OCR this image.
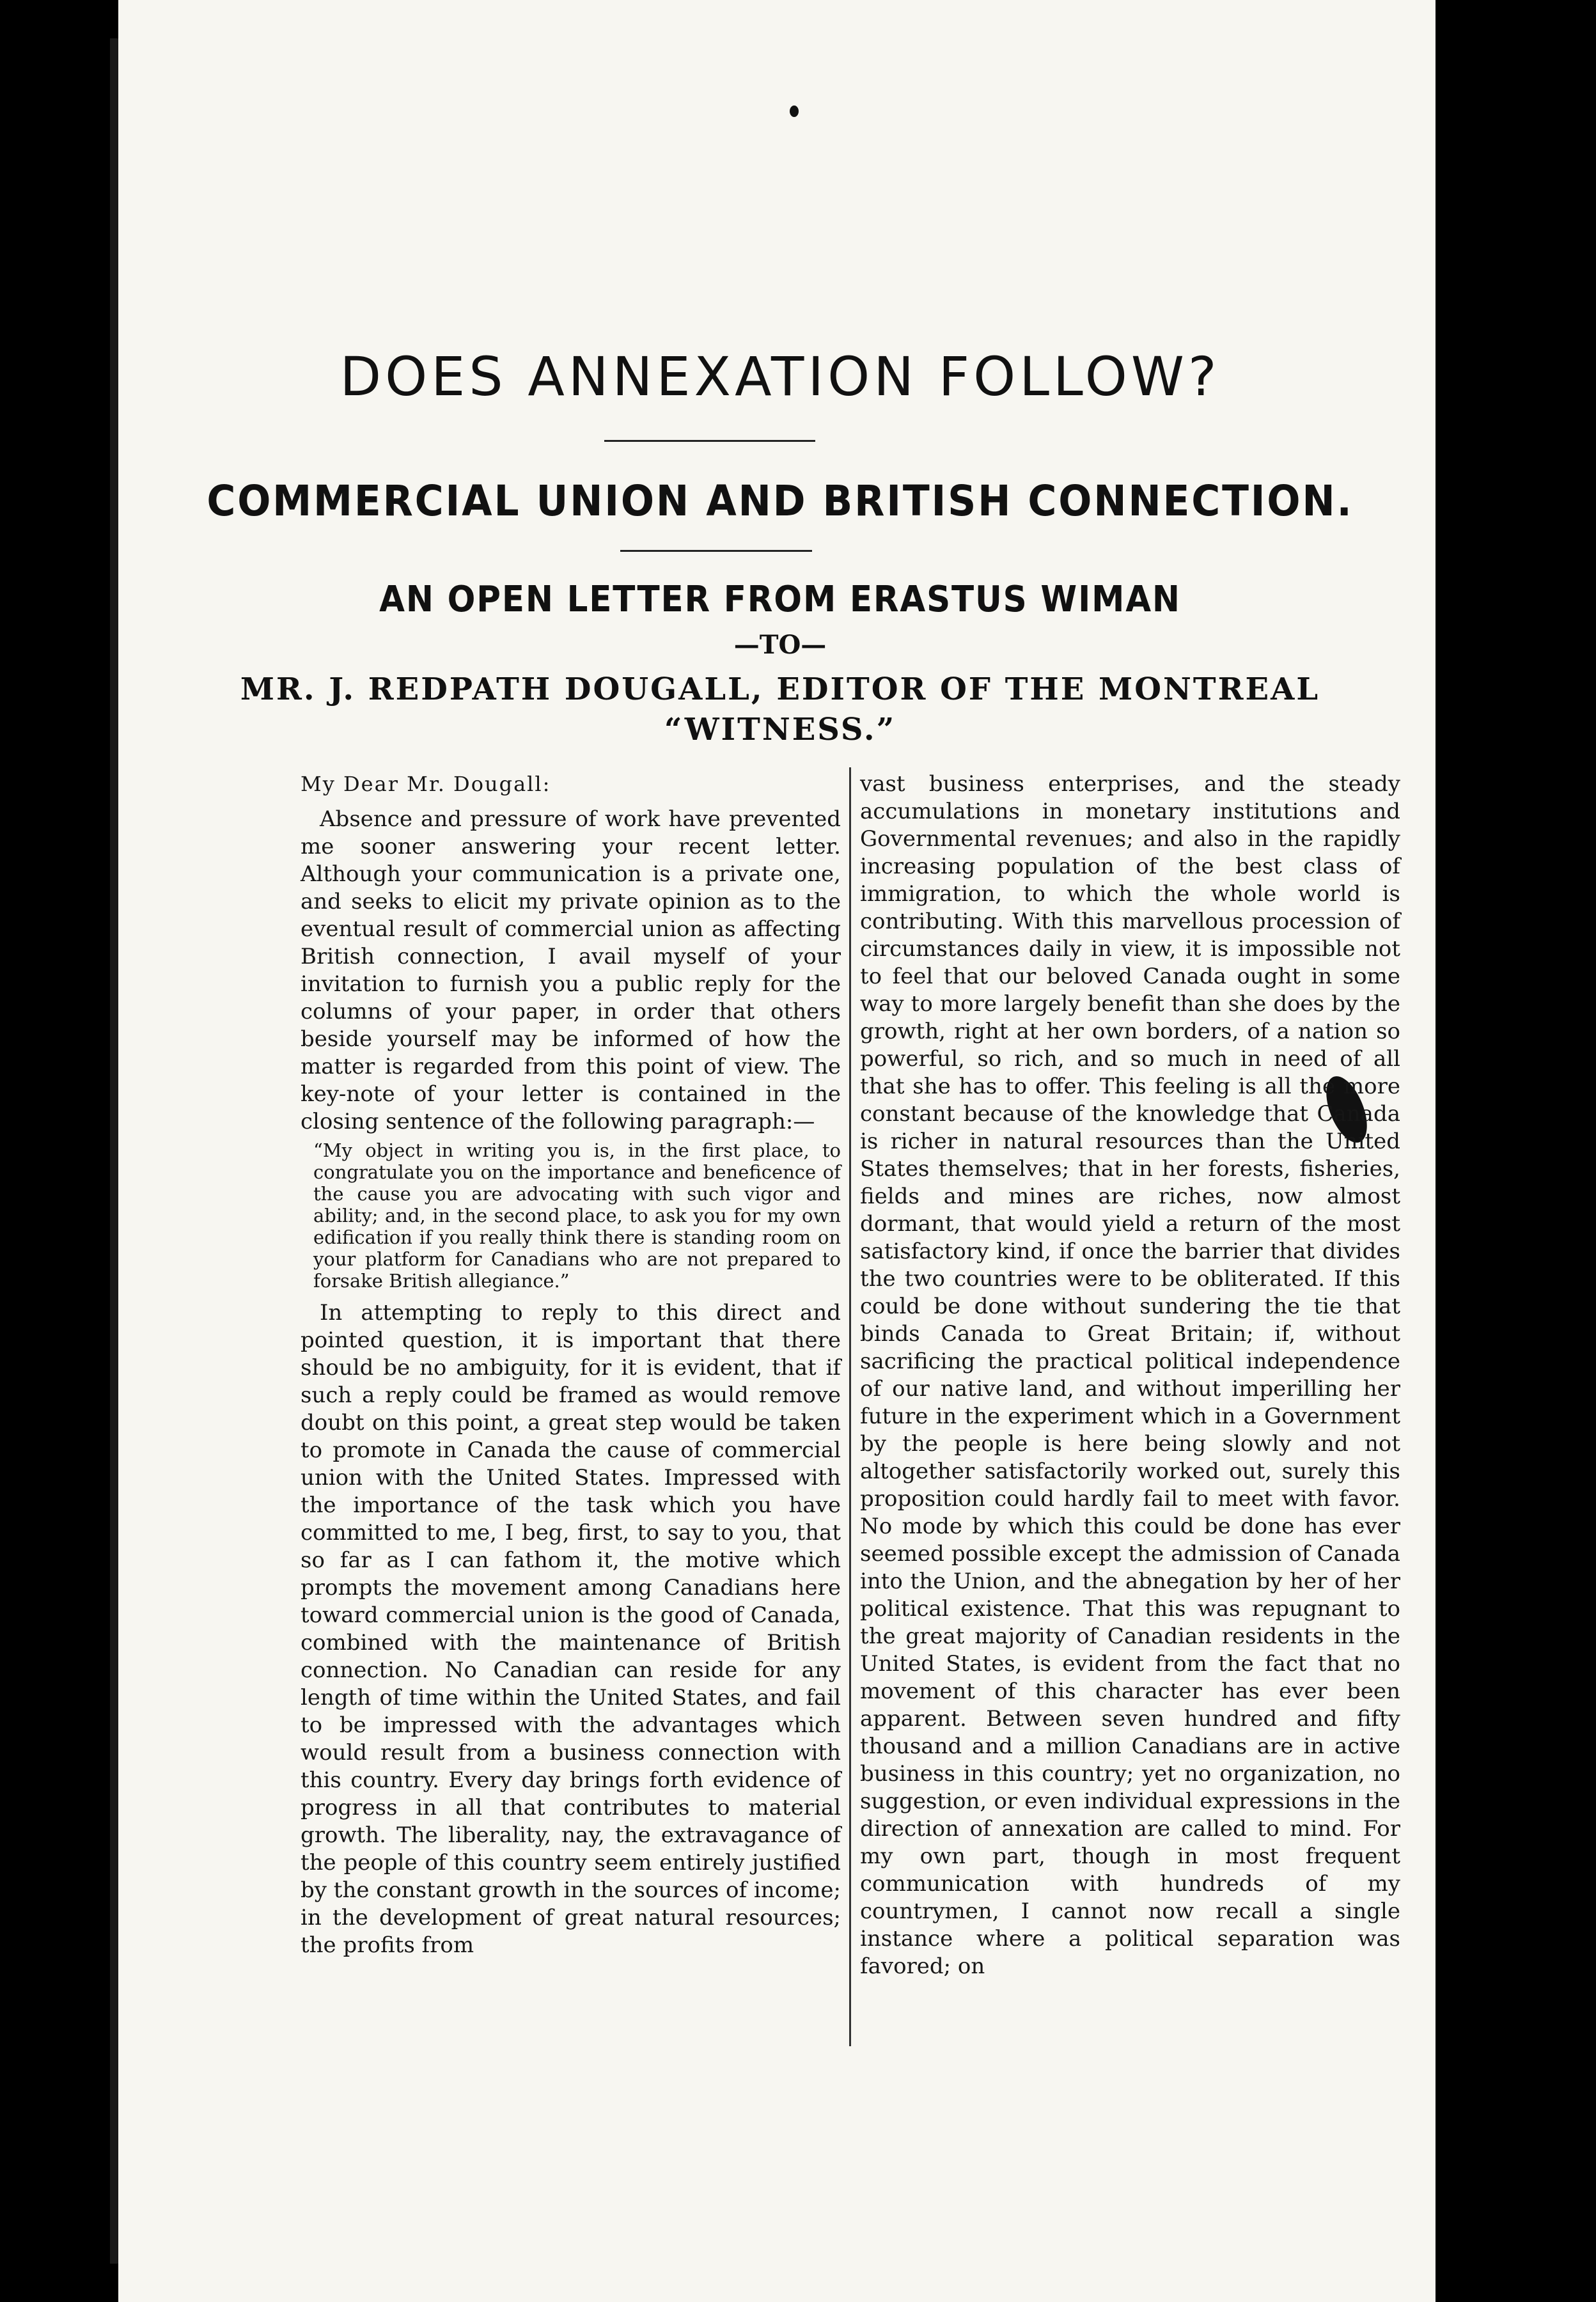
DOES ANNEXATION FOLLOW?
COMMERCIAL UNION AND BRITISH CONNECTION.
AN OPEN LETTER FROM ERASTUS WIMAN
—TO—
MR. J. REDPATH DOUGALL, EDITOR OF THE MONTREAL
“WITNESS.”

My Dear Mr. Dougall:

Absence and pressure of work have prevented me sooner answering your recent letter. Although your communication is a private one, and seeks to elicit my private opinion as to the eventual result of commercial union as affecting British connection, I avail myself of your invitation to furnish you a public reply for the columns of your paper, in order that others beside yourself may be informed of how the matter is regarded from this point of view. The key-note of your letter is contained in the closing sentence of the following paragraph:—

“My object in writing you is, in the first place, to congratulate you on the importance and beneficence of the cause you are advocating with such vigor and ability; and, in the second place, to ask you for my own edification if you really think there is standing room on your platform for Canadians who are not prepared to forsake British allegiance.”

In attempting to reply to this direct and pointed question, it is important that there should be no ambiguity, for it is evident, that if such a reply could be framed as would remove doubt on this point, a great step would be taken to promote in Canada the cause of commercial union with the United States. Impressed with the importance of the task which you have committed to me, I beg, first, to say to you, that so far as I can fathom it, the motive which prompts the movement among Canadians here toward commercial union is the good of Canada, combined with the maintenance of British connection. No Canadian can reside for any length of time within the United States, and fail to be impressed with the advantages which would result from a business connection with this country. Every day brings forth evidence of progress in all that contributes to material growth. The liberality, nay, the extravagance of the people of this country seem entirely justified by the constant growth in the sources of income; in the development of great natural resources; the profits from

vast business enterprises, and the steady accumulations in monetary institutions and Governmental revenues; and also in the rapidly increasing population of the best class of immigration, to which the whole world is contributing. With this marvellous procession of circumstances daily in view, it is impossible not to feel that our beloved Canada ought in some way to more largely benefit than she does by the growth, right at her own borders, of a nation so powerful, so rich, and so much in need of all that she has to offer. This feeling is all the more constant because of the knowledge that Canada is richer in natural resources than the United States themselves; that in her forests, fisheries, fields and mines are riches, now almost dormant, that would yield a return of the most satisfactory kind, if once the barrier that divides the two countries were to be obliterated. If this could be done without sundering the tie that binds Canada to Great Britain; if, without sacrificing the practical political independence of our native land, and without imperilling her future in the experiment which in a Government by the people is here being slowly and not altogether satisfactorily worked out, surely this proposition could hardly fail to meet with favor. No mode by which this could be done has ever seemed possible except the admission of Canada into the Union, and the abnegation by her of her political existence. That this was repugnant to the great majority of Canadian residents in the United States, is evident from the fact that no movement of this character has ever been apparent. Between seven hundred and fifty thousand and a million Canadians are in active business in this country; yet no organization, no suggestion, or even individual expressions in the direction of annexation are called to mind. For my own part, though in most frequent communication with hundreds of my countrymen, I cannot now recall a single instance where a political separation was favored; on
